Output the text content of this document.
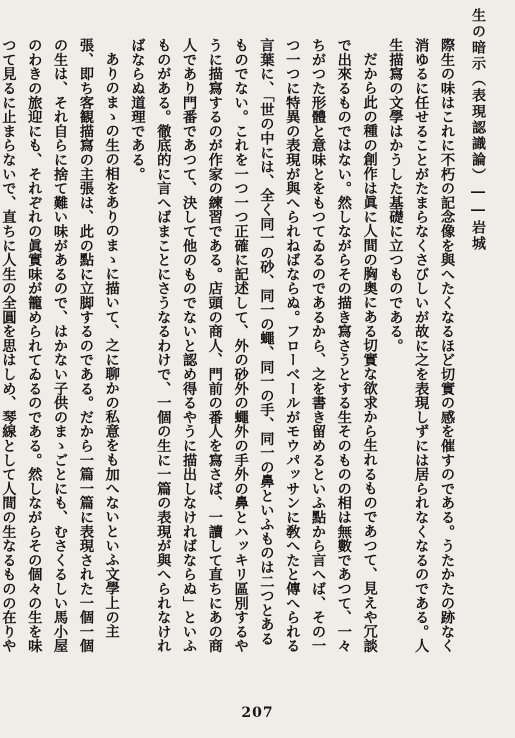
生の暗示（表現認識論）――岩城

際生の味はこれに不朽の記念像を與へたくなるほど切實の感を催すのである。うたかたの跡なく消ゆるに任せることがたまらなくさびしいが故に之を表現しずには居られなくなるのである。人生描寫の文學はかうした基礎に立つものである。

だから此の種の創作は眞に人間の胸奥にある切實な欲求から生れるものであつて、見えや冗談で出來るものではない。然しながらその描き寫さうとする生そのものの相は無數であつて、一々ちがつた形體と意味とをもつてゐるのであるから、之を書き留めるといふ點から言へば、その一つ一つに特異の表現が與へられねばならぬ。フローベールがモウパッサンに敎へたと傳へられる言葉に、「世の中には、全く同一の砂、同一の蠅、同一の手、同一の鼻といふものは二つとあるものでない。これを一つ一つ正確に記述して、外の砂外の蠅外の手外の鼻とハッキリ區別するやうに描寫するのが作家の練習である。店頭の商人、門前の番人を寫さば、一讀して直ちにあの商人であり門番であつて、決して他のものでないと認め得るやうに描出しなければならぬ」といふものがある。徹底的に言へばまことにさうなるわけで、一個の生に一篇の表現が與へられなければならぬ道理である。

ありのまゝの生の相をありのまゝに描いて、之に聊かの私意をも加へないといふ文學上の主張、即ち客観描寫の主張は、此の點に立脚するのである。だから一篇一篇に表現された一個一個の生は、それ自らに捨て難い味があるので、はかない子供のまゝごとにも、むさくるしい馬小屋のわきの旅迎にも、それぞれの眞實味が籠められてゐるのである。然しながらその個々の生を味つて見るに止まらないで、直ちに人生の全圓を思はしめ、琴線として人間の生なるものの在りや

207
